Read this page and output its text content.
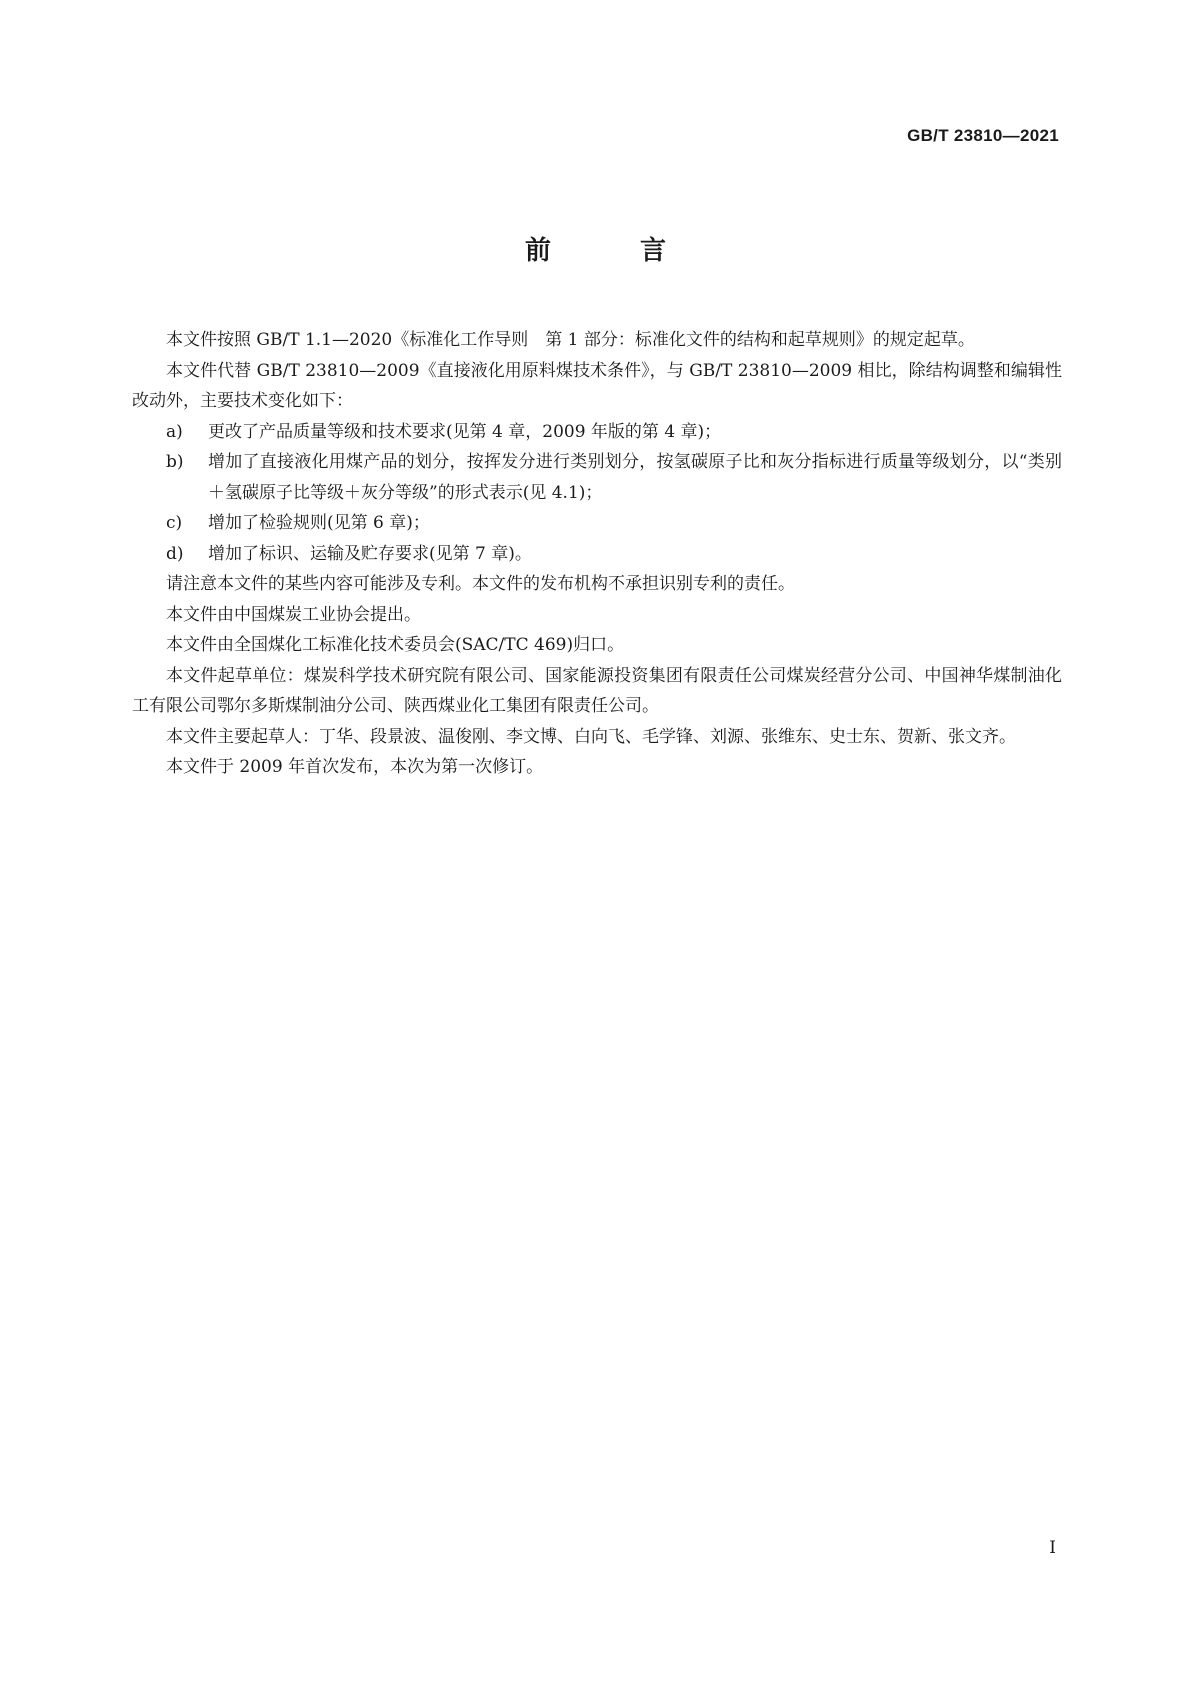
GB/T 23810—2021
前 言

本文件按照 GB/T 1.1—2020《标准化工作导则　第 1 部分：标准化文件的结构和起草规则》的规定起草。

本文件代替 GB/T 23810—2009《直接液化用原料煤技术条件》，与 GB/T 23810—2009 相比，除结构调整和编辑性改动外，主要技术变化如下：

a)	更改了产品质量等级和技术要求(见第 4 章，2009 年版的第 4 章)；
b)	增加了直接液化用煤产品的划分，按挥发分进行类别划分，按氢碳原子比和灰分指标进行质量等级划分，以“类别＋氢碳原子比等级＋灰分等级”的形式表示(见 4.1)；
c)	增加了检验规则(见第 6 章)；
d)	增加了标识、运输及贮存要求(见第 7 章)。

请注意本文件的某些内容可能涉及专利。本文件的发布机构不承担识别专利的责任。

本文件由中国煤炭工业协会提出。

本文件由全国煤化工标准化技术委员会(SAC/TC 469)归口。

本文件起草单位：煤炭科学技术研究院有限公司、国家能源投资集团有限责任公司煤炭经营分公司、中国神华煤制油化工有限公司鄂尔多斯煤制油分公司、陕西煤业化工集团有限责任公司。

本文件主要起草人：丁华、段景波、温俊刚、李文博、白向飞、毛学锋、刘源、张维东、史士东、贺新、张文齐。

本文件于 2009 年首次发布，本次为第一次修订。

I
